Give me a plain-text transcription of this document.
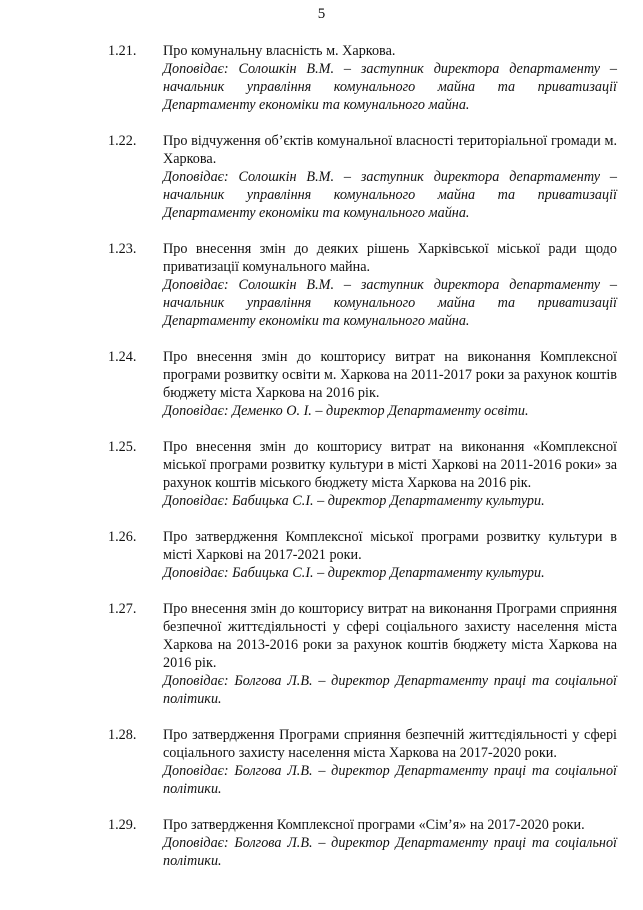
5
1.21. Про комунальну власність м. Харкова.
Доповідає: Солошкін В.М. – заступник директора департаменту – начальник управління комунального майна та приватизації Департаменту економіки та комунального майна.
1.22. Про відчуження об’єктів комунальної власності територіальної громади м. Харкова.
Доповідає: Солошкін В.М. – заступник директора департаменту – начальник управління комунального майна та приватизації Департаменту економіки та комунального майна.
1.23. Про внесення змін до деяких рішень Харківської міської ради щодо приватизації комунального майна.
Доповідає: Солошкін В.М. – заступник директора департаменту – начальник управління комунального майна та приватизації Департаменту економіки та комунального майна.
1.24. Про внесення змін до кошторису витрат на виконання Комплексної програми розвитку освіти м. Харкова на 2011-2017 роки за рахунок коштів бюджету міста Харкова на 2016 рік.
Доповідає: Деменко О. І. – директор Департаменту освіти.
1.25. Про внесення змін до кошторису витрат на виконання «Комплексної міської програми розвитку культури в місті Харкові на 2011-2016 роки» за рахунок коштів міського бюджету міста Харкова на 2016 рік.
Доповідає: Бабицька С.І. – директор Департаменту культури.
1.26. Про затвердження Комплексної міської програми розвитку культури в місті Харкові на 2017-2021 роки.
Доповідає: Бабицька С.І. – директор Департаменту культури.
1.27. Про внесення змін до кошторису витрат на виконання Програми сприяння безпечної життєдіяльності у сфері соціального захисту населення міста Харкова на 2013-2016 роки за рахунок коштів бюджету міста Харкова на 2016 рік.
Доповідає: Болгова Л.В. – директор Департаменту праці та соціальної політики.
1.28. Про затвердження Програми сприяння безпечній життєдіяльності у сфері соціального захисту населення міста Харкова на 2017-2020 роки.
Доповідає: Болгова Л.В. – директор Департаменту праці та соціальної політики.
1.29. Про затвердження Комплексної програми «Сім’я» на 2017-2020 роки.
Доповідає: Болгова Л.В. – директор Департаменту праці та соціальної політики.
